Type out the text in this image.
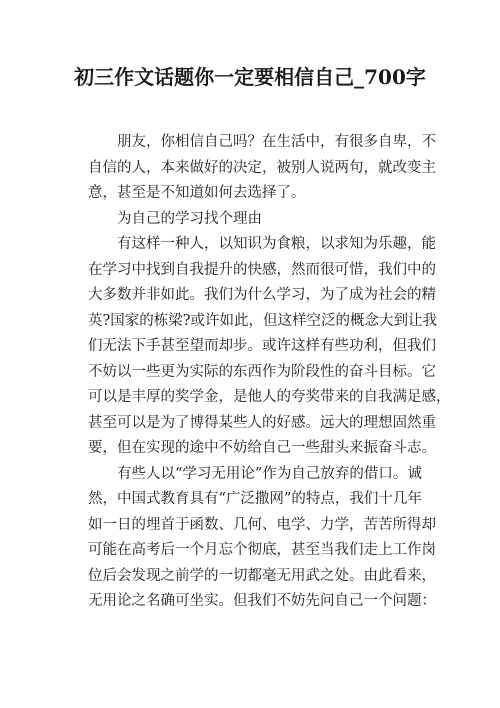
初三作文话题你一定要相信自己_700字
朋友，你相信自己吗？在生活中，有很多自卑，不
自信的人，本来做好的决定，被别人说两句，就改变主
意，甚至是不知道如何去选择了。
为自己的学习找个理由
有这样一种人，以知识为食粮，以求知为乐趣，能
在学习中找到自我提升的快感，然而很可惜，我们中的
大多数并非如此。我们为什么学习，为了成为社会的精
英?国家的栋梁?或许如此，但这样空泛的概念大到让我
们无法下手甚至望而却步。或许这样有些功利，但我们
不妨以一些更为实际的东西作为阶段性的奋斗目标。它
可以是丰厚的奖学金，是他人的夸奖带来的自我满足感，
甚至可以是为了博得某些人的好感。远大的理想固然重
要，但在实现的途中不妨给自己一些甜头来振奋斗志。
有些人以“学习无用论”作为自己放弃的借口。诚
然，中国式教育具有“广泛撒网”的特点，我们十几年
如一日的埋首于函数、几何、电学、力学，苦苦所得却
可能在高考后一个月忘个彻底，甚至当我们走上工作岗
位后会发现之前学的一切都毫无用武之处。由此看来，
无用论之名确可坐实。但我们不妨先问自己一个问题：
